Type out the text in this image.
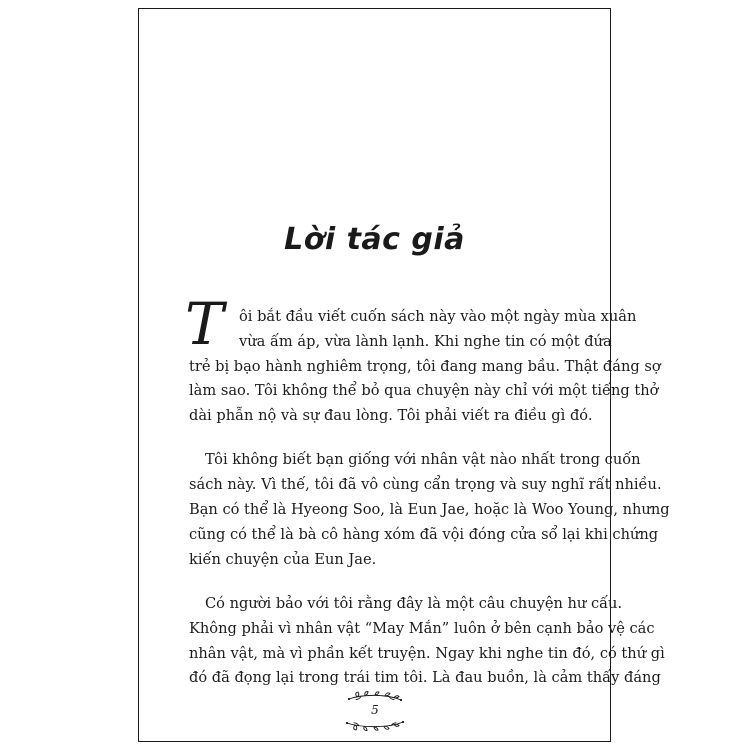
Lời tác giả
T	ôi bắt đầu viết cuốn sách này vào một ngày mùa xuân
vừa ấm áp, vừa lành lạnh. Khi nghe tin có một đứa
trẻ bị bạo hành nghiêm trọng, tôi đang mang bầu. Thật đáng sợ
làm sao. Tôi không thể bỏ qua chuyện này chỉ với một tiếng thở
dài phẫn nộ và sự đau lòng. Tôi phải viết ra điều gì đó.
Tôi không biết bạn giống với nhân vật nào nhất trong cuốn
sách này. Vì thế, tôi đã vô cùng cẩn trọng và suy nghĩ rất nhiều.
Bạn có thể là Hyeong Soo, là Eun Jae, hoặc là Woo Young, nhưng
cũng có thể là bà cô hàng xóm đã vội đóng cửa sổ lại khi chứng
kiến chuyện của Eun Jae.
Có người bảo với tôi rằng đây là một câu chuyện hư cấu.
Không phải vì nhân vật “May Mắn” luôn ở bên cạnh bảo vệ các
nhân vật, mà vì phần kết truyện. Ngay khi nghe tin đó, có thứ gì
đó đã đọng lại trong trái tim tôi. Là đau buồn, là cảm thấy đáng
5
